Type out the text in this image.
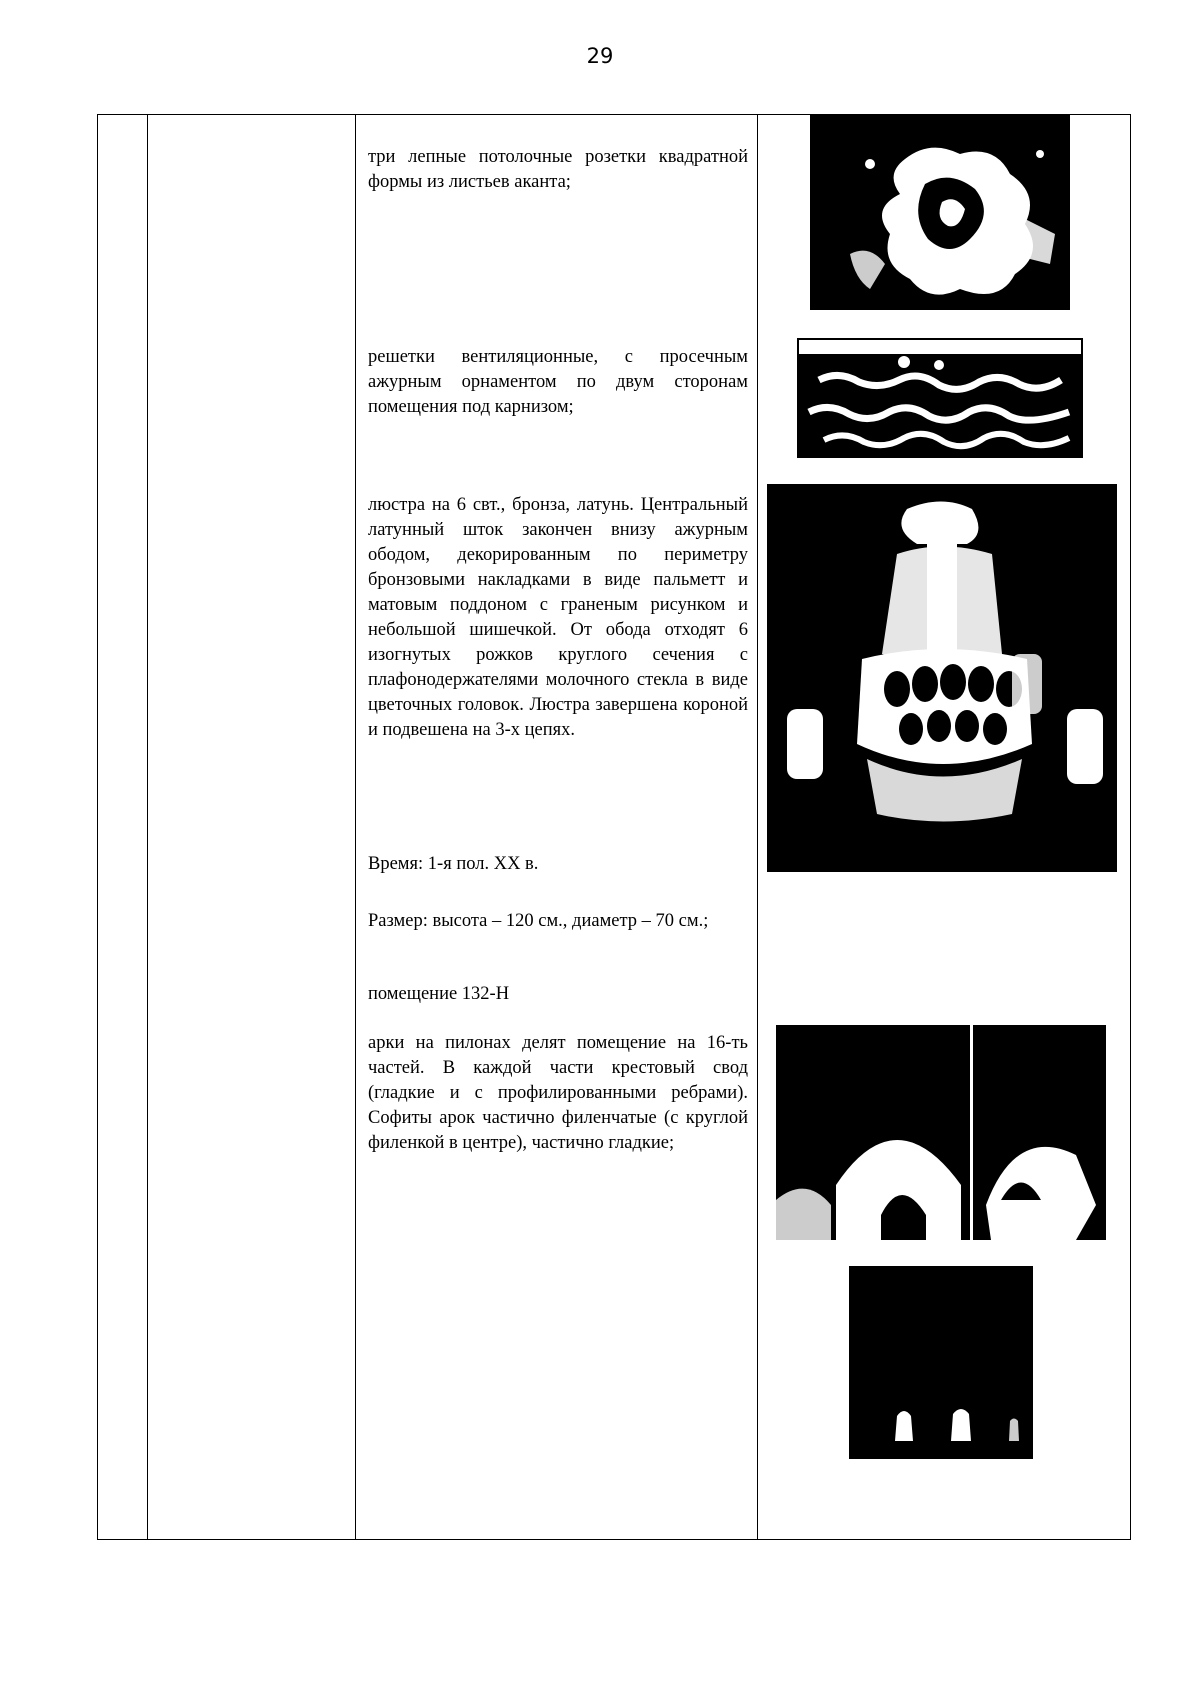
29
три лепные потолочные розетки квадратной формы из листьев аканта;
решетки вентиляционные, с просечным ажурным орнаментом по двум сторонам помещения под карнизом;
люстра на 6 свт., бронза, латунь. Центральный латунный шток закончен внизу ажурным ободом, декорированным по периметру бронзовыми накладками в виде пальметт и матовым поддоном с граненым рисунком и небольшой шишечкой. От обода отходят 6 изогнутых рожков круглого сечения с плафонодержателями молочного стекла в виде цветочных головок. Люстра завершена короной и подвешена на 3-х цепях.
Время: 1-я пол. XX в.
Размер: высота – 120 см., диаметр – 70 см.;
помещение 132-Н
арки на пилонах делят помещение на 16-ть частей. В каждой части крестовый свод (гладкие и с профилированными ребрами). Софиты арок частично филенчатые (с круглой филенкой в центре), частично гладкие;
